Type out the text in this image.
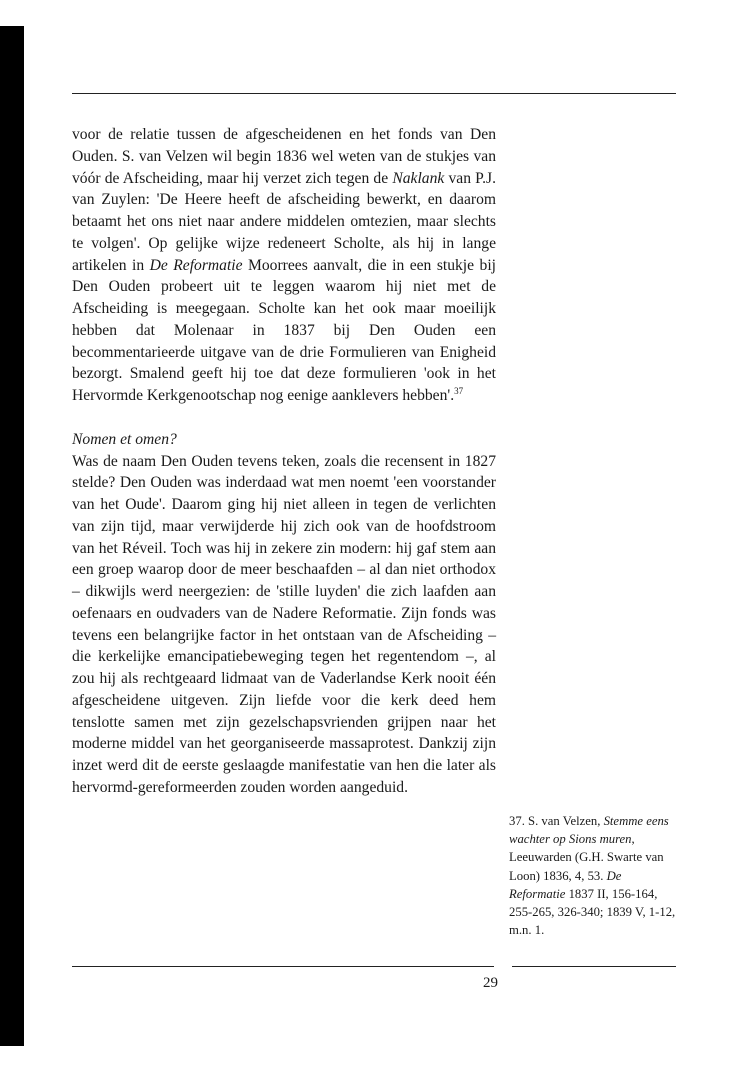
voor de relatie tussen de afgescheidenen en het fonds van Den Ouden. S. van Velzen wil begin 1836 wel weten van de stukjes van vóór de Afscheiding, maar hij verzet zich tegen de Naklank van P.J. van Zuylen: 'De Heere heeft de afscheiding bewerkt, en daarom betaamt het ons niet naar andere middelen omtezien, maar slechts te volgen'. Op gelijke wijze redeneert Scholte, als hij in lange artikelen in De Reformatie Moorrees aanvalt, die in een stukje bij Den Ouden probeert uit te leggen waarom hij niet met de Afscheiding is meegegaan. Scholte kan het ook maar moeilijk hebben dat Molenaar in 1837 bij Den Ouden een becommentarieerde uitgave van de drie Formulieren van Enigheid bezorgt. Smalend geeft hij toe dat deze formulieren 'ook in het Hervormde Kerkgenootschap nog eenige aanklevers hebben'.$^{37}$

Nomen et omen?

Was de naam Den Ouden tevens teken, zoals die recensent in 1827 stelde? Den Ouden was inderdaad wat men noemt 'een voorstander van het Oude'. Daarom ging hij niet alleen in tegen de verlichten van zijn tijd, maar verwijderde hij zich ook van de hoofdstroom van het Réveil. Toch was hij in zekere zin modern: hij gaf stem aan een groep waarop door de meer beschaafden – al dan niet orthodox – dikwijls werd neergezien: de 'stille luyden' die zich laafden aan oefenaars en oudvaders van de Nadere Reformatie. Zijn fonds was tevens een belangrijke factor in het ontstaan van de Afscheiding – die kerkelijke emancipatiebeweging tegen het regentendom –, al zou hij als rechtgeaard lidmaat van de Vaderlandse Kerk nooit één afgescheidene uitgeven. Zijn liefde voor die kerk deed hem tenslotte samen met zijn gezelschapsvrienden grijpen naar het moderne middel van het georganiseerde massaprotest. Dankzij zijn inzet werd dit de eerste geslaagde manifestatie van hen die later als hervormd-gereformeerden zouden worden aangeduid.

37. S. van Velzen, Stemme eens wachter op Sions muren, Leeuwarden (G.H. Swarte van Loon) 1836, 4, 53. De Reformatie 1837 II, 156-164, 255-265, 326-340; 1839 V, 1-12, m.n. 1.

29
